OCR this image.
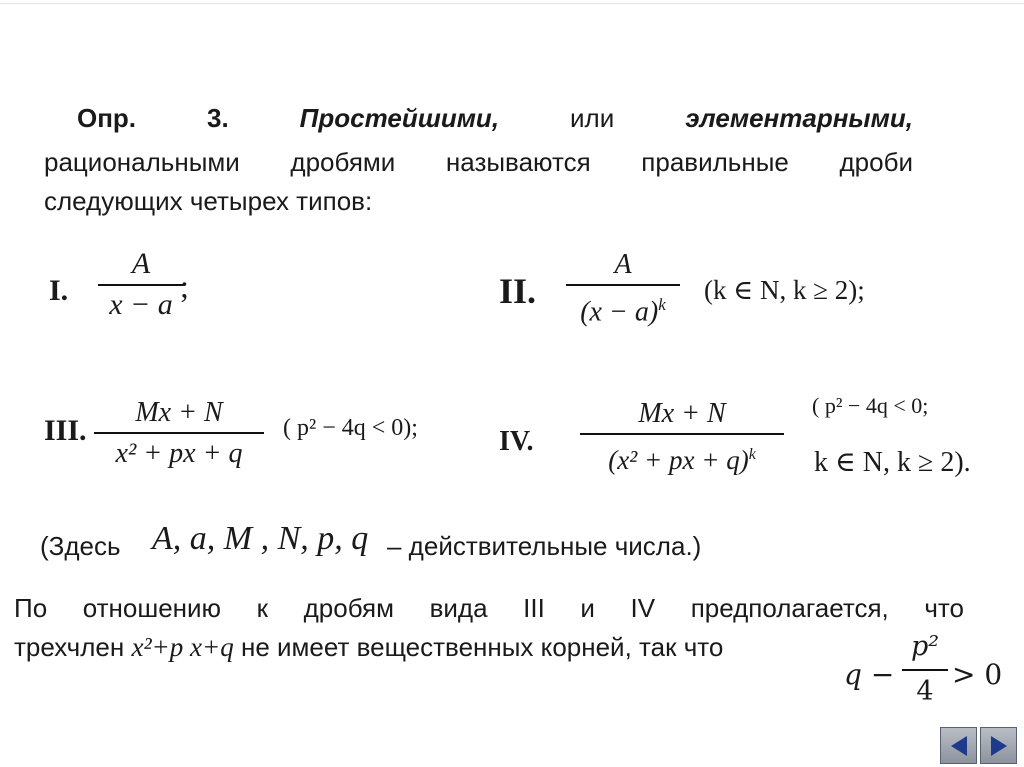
Опр. 3.	Простейшими,	или	элементарными,
рациональными дробями называются правильные дроби
следующих четырех типов:
I.
A
x − a
;	II.
A
$(x - a)^k$	(k ∈ N, k ≥ 2);
III.
Mx + N
x² + px + q
( p² − 4q < 0);	IV.
Mx + N
(x² + px + q)$^k$
( p² − 4q < 0;
k ∈ N, k ≥ 2).
(Здесь A, a, M , N, p, q – действительные числа.)
По отношению к дробям вида III и IV предполагается, что
трехчлен x²+p x+q не имеет вещественных корней, так что
q −
p²
4
> 0
